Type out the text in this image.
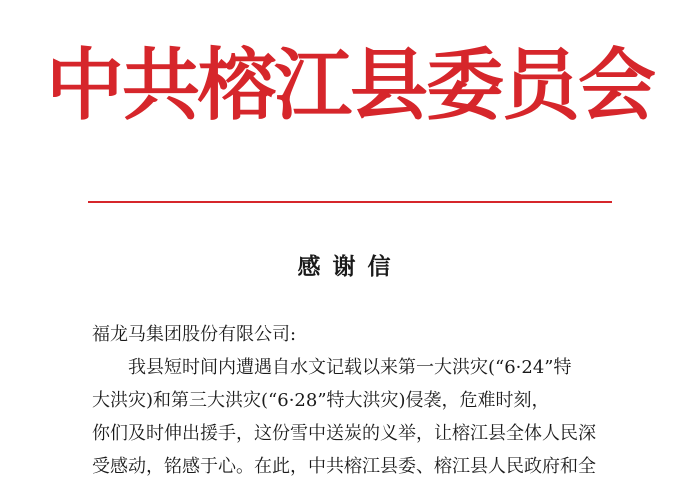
中共榕江县委员会
感谢信

福龙马集团股份有限公司:

我县短时间内遭遇自水文记载以来第一大洪灾(“6·24”特

大洪灾)和第三大洪灾(“6·28”特大洪灾)侵袭，危难时刻，

你们及时伸出援手，这份雪中送炭的义举，让榕江县全体人民深

受感动，铭感于心。在此，中共榕江县委、榕江县人民政府和全
